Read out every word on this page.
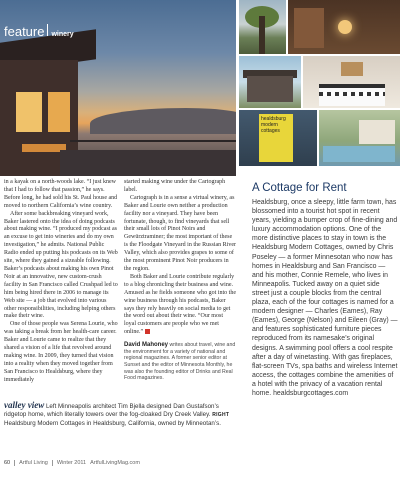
feature winery
healdsburg modern cottages

in a kayak on a north-woods lake. “I just knew that I had to follow that passion,” he says. Before long, he had sold his St. Paul house and moved to northern California’s wine country.

After some backbreaking vineyard work, Baker lastered onto the idea of doing podcasts about making wine. “I produced my podcast as an excuse to get into wineries and do my own investigation,” he admits. National Public Radio ended up putting his podcasts on its Web site, where they gained a sizeable following. Baker’s podcasts about making his own Pinot Noir at an innovative, new custom-crush facility in San Francisco called Crushpad led to him being hired there in 2006 to manage its Web site — a job that evolved into various other responsibilities, including helping others make their wine.

One of those people was Serena Lourie, who was taking a break from her health-care career. Baker and Lourie came to realize that they shared a vision of a life that revolved around making wine. In 2009, they turned that vision into a reality when they moved together from San Francisco to Healdsburg, where they immediately

started making wine under the Cartograph label.

Cartograph is in a sense a virtual winery, as Baker and Lourie own neither a production facility nor a vineyard. They have been fortunate, though, to find vineyards that sell their small lots of Pinot Noirs and Gewürztraminer; the most important of these is the Floodgate Vineyard in the Russian River Valley, which also provides grapes to some of the most prominent Pinot Noir producers in the region.

Both Baker and Lourie contribute regularly to a blog chronicling their business and wine. Amused as he fields someone who got into the wine business through his podcasts, Baker says they rely heavily on social media to get the word out about their wine. “Our most loyal customers are people who we met online.”

David Mahoney writes about travel, wine and the environment for a variety of national and regional magazines. A former senior editor at Sunset and the editor of Minnesota Monthly, he was also the founding editor of Drinks and Real Food magazines.
valley view Left Minneapolis architect Tim Bjella designed Dan Gustafson’s ridgetop home, which literally towers over the fog-cloaked Dry Creek Valley. RIGHT Healdsburg Modern Cottages in Healdsburg, California, owned by Minneotan’s.
A Cottage for Rent
Healdsburg, once a sleepy, little farm town, has blossomed into a tourist hot spot in recent years, yielding a bumper crop of fine-dining and luxury accommodation options. One of the more distinctive places to stay in town is the Healdsburg Modern Cottages, owned by Chris Poseley — a former Minnesotan who now has homes in Healdsburg and San Francisco — and his mother, Connie Remele, who lives in Minneapolis. Tucked away on a quiet side street just a couple blocks from the central plaza, each of the four cottages is named for a modern designer — Charles (Eames), Ray (Eames), George (Nelson) and Eileen (Gray) — and features sophisticated furniture pieces reproduced from its namesake’s original designs. A swimming pool offers a cool respite after a day of winetasting. With gas fireplaces, flat-screen TVs, spa baths and wireless Internet access, the cottages combine the amenities of a hotel with the privacy of a vacation rental home. healdsburgcottages.com
60 Artful Living Winter 2011 ArtfulLivingMag.com
